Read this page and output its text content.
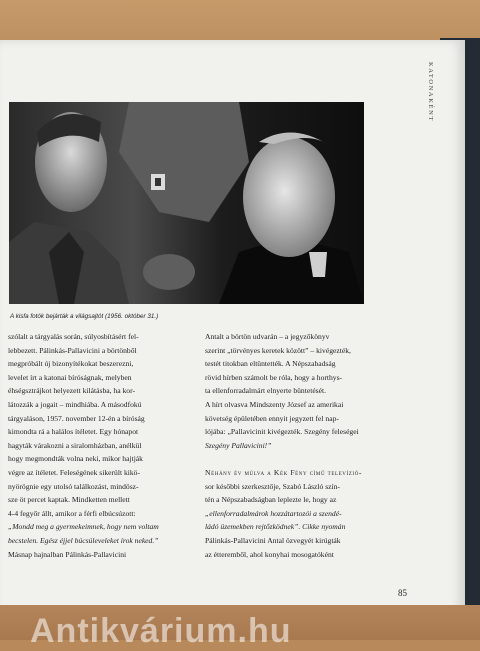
KATONAKÉNT
A kisfa fotók bejárták a világsajtót (1956. október 31.)
szólalt a tárgyalás során, súlyosbításért fel-
lebbezett. Pálinkás-Pallavicini a börtönből
megpróbált új bizonyítékokat beszerezni,
levelet írt a katonai bíróságnak, melyben
éhségsztrájkot helyezett kilátásba, ha kor-
látozzák a jogait – mindhiába. A másodfokú
tárgyaláson, 1957. november 12-én a bíróság
kimondta rá a halálos ítéletet. Egy hónapot
hagyták várakozni a siralomházban, anélkül
hogy megmondták volna neki, mikor hajtják
végre az ítéletet. Feleségének sikerült kikö-
nyörögnie egy utolsó találkozást, mindösz-
sze öt percet kaptak. Mindketten mellett
4-4 fegyőr állt, amikor a férfi elbúcsúzott:
„Mondd meg a gyermekeimnek, hogy nem voltam
becstelen. Egész éjjel búcsúleveleket írok neked.”
Másnap hajnalban Pálinkás-Pallavicini
Antalt a börtön udvarán – a jegyzőkönyv
szerint „törvényes keretek között” – kivégezték,
testét titokban eltüntették. A Népszabadság
rövid hírben számolt be róla, hogy a horthys-
ta ellenforradalmárt elnyerte büntetését.
A hírt olvasva Mindszenty József az amerikai
követség épületében ennyit jegyzett fel nap-
lójába: „Pallavicinit kivégezték. Szegény feleségei
Szegény Pallavicini!”

Néhány év múlva a Kék Fény című televízió-
sor későbbi szerkesztője, Szabó László szín-
tén a Népszabadságban leplezte le, hogy az
„ellenforradalmárok hozzátartozói a szendé-
ládó üzemekben rejtőzködnek”. Cikke nyomán
Pálinkás-Pallavicini Antal özvegyét kirúgták
az étteremből, ahol konyhai mosogatóként
85
Antikvárium.hu
